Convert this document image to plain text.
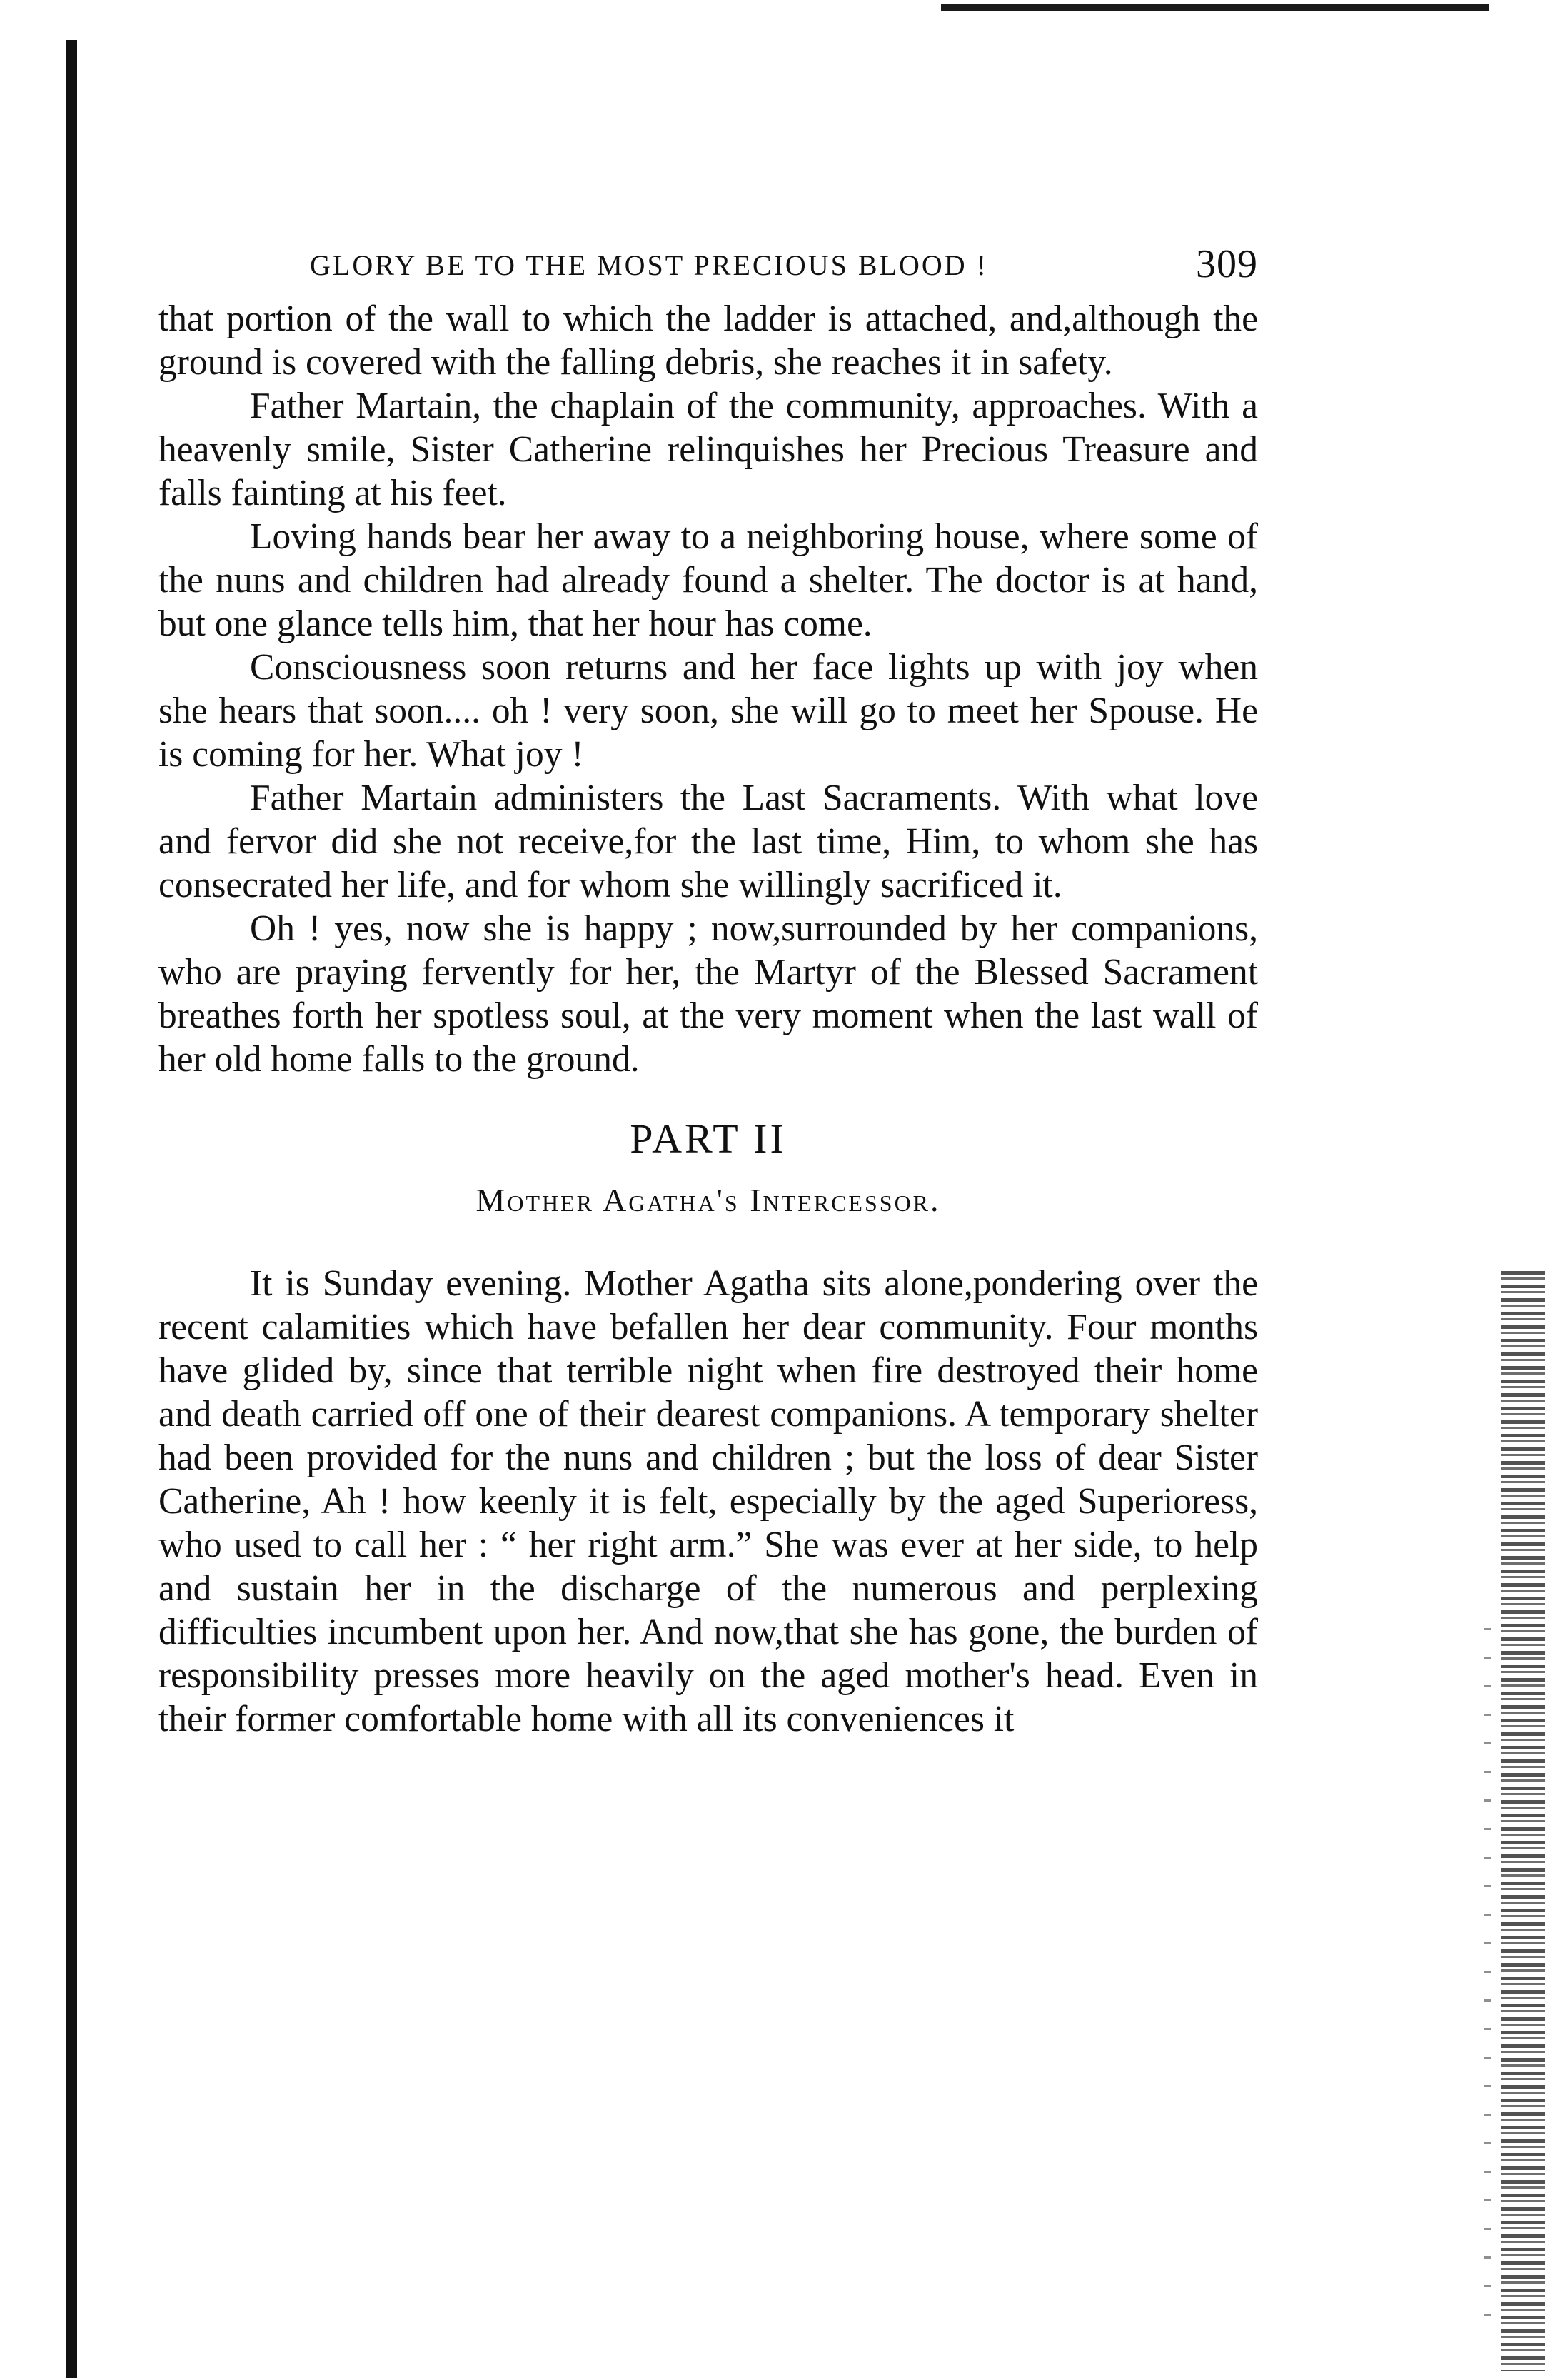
GLORY BE TO THE MOST PRECIOUS BLOOD !	309

that portion of the wall to which the ladder is attached, and,although the ground is covered with the falling debris, she reaches it in safety.

Father Martain, the chaplain of the community, approaches. With a heavenly smile, Sister Catherine relinquishes her Precious Treasure and falls fainting at his feet.

Loving hands bear her away to a neighboring house, where some of the nuns and children had already found a shelter. The doctor is at hand, but one glance tells him, that her hour has come.

Consciousness soon returns and her face lights up with joy when she hears that soon.... oh ! very soon, she will go to meet her Spouse. He is coming for her. What joy !

Father Martain administers the Last Sacraments. With what love and fervor did she not receive,for the last time, Him, to whom she has consecrated her life, and for whom she willingly sacrificed it.

Oh ! yes, now she is happy ; now,surrounded by her companions, who are praying fervently for her, the Martyr of the Blessed Sacrament breathes forth her spotless soul, at the very moment when the last wall of her old home falls to the ground.

PART II
Mother Agatha's Intercessor.

It is Sunday evening. Mother Agatha sits alone,pondering over the recent calamities which have befallen her dear community. Four months have glided by, since that terrible night when fire destroyed their home and death carried off one of their dearest companions. A temporary shelter had been provided for the nuns and children ; but the loss of dear Sister Catherine, Ah ! how keenly it is felt, especially by the aged Superioress, who used to call her : “ her right arm.” She was ever at her side, to help and sustain her in the discharge of the numerous and perplexing difficulties incumbent upon her. And now,that she has gone, the burden of responsibility presses more heavily on the aged mother's head. Even in their former comfortable home with all its conveniences it
